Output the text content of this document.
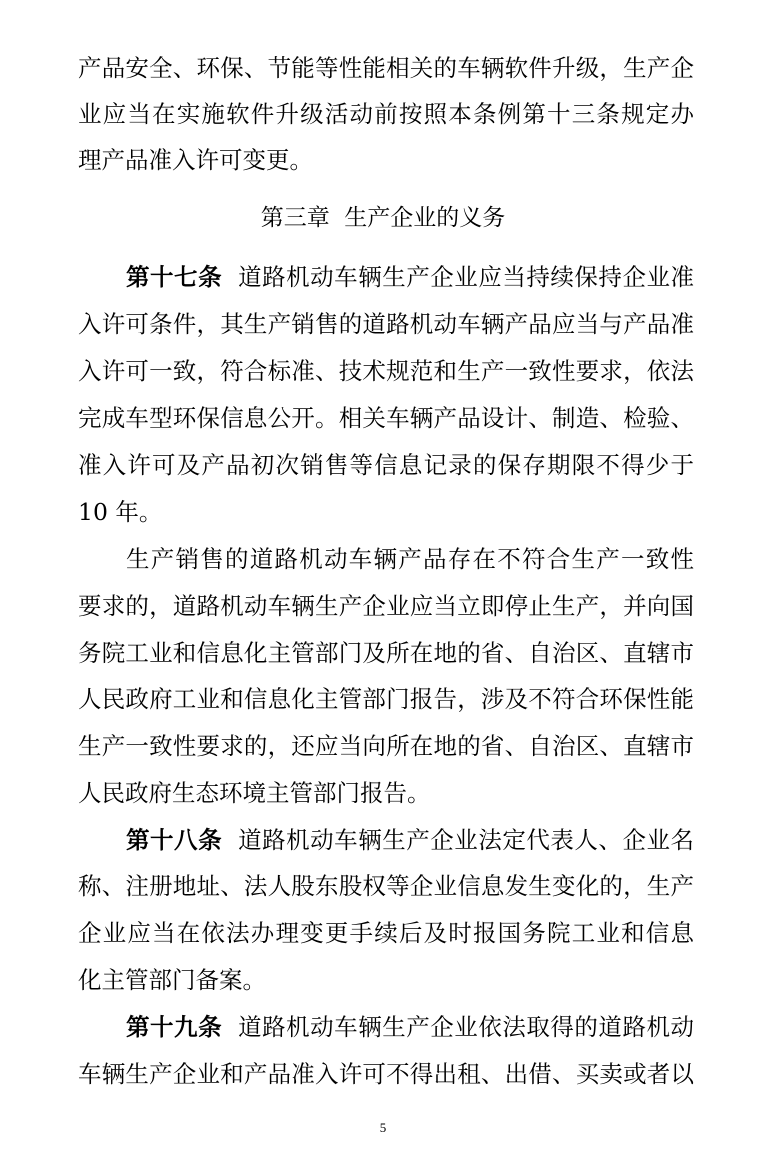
产品安全、环保、节能等性能相关的车辆软件升级，生产企
业应当在实施软件升级活动前按照本条例第十三条规定办
理产品准入许可变更。
第三章  生产企业的义务
第十七条 道路机动车辆生产企业应当持续保持企业准
入许可条件，其生产销售的道路机动车辆产品应当与产品准
入许可一致，符合标准、技术规范和生产一致性要求，依法
完成车型环保信息公开。相关车辆产品设计、制造、检验、
准入许可及产品初次销售等信息记录的保存期限不得少于
10 年。
生产销售的道路机动车辆产品存在不符合生产一致性
要求的，道路机动车辆生产企业应当立即停止生产，并向国
务院工业和信息化主管部门及所在地的省、自治区、直辖市
人民政府工业和信息化主管部门报告，涉及不符合环保性能
生产一致性要求的，还应当向所在地的省、自治区、直辖市
人民政府生态环境主管部门报告。
第十八条 道路机动车辆生产企业法定代表人、企业名
称、注册地址、法人股东股权等企业信息发生变化的，生产
企业应当在依法办理变更手续后及时报国务院工业和信息
化主管部门备案。
第十九条 道路机动车辆生产企业依法取得的道路机动
车辆生产企业和产品准入许可不得出租、出借、买卖或者以
5
